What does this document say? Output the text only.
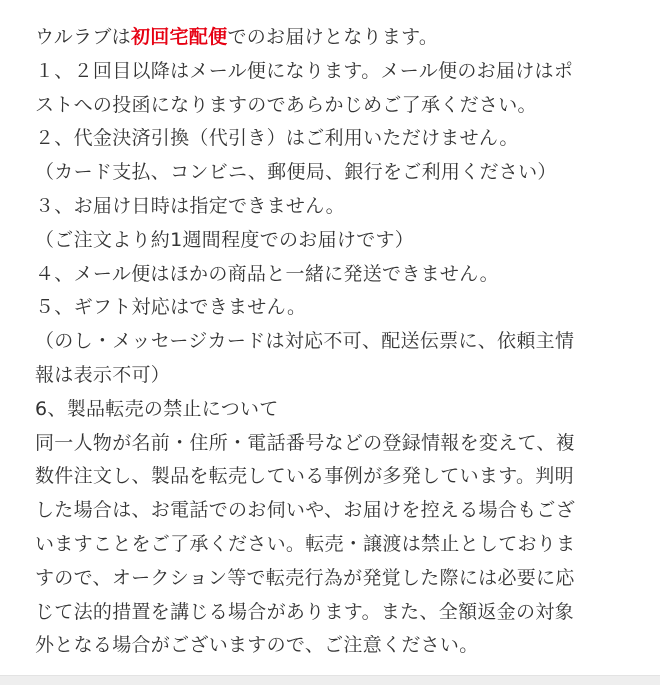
ウルラブは初回宅配便でのお届けとなります。
１、２回目以降はメール便になります。メール便のお届けはポ
ストへの投函になりますのであらかじめご了承ください。
２、代金決済引換（代引き）はご利用いただけません。
（カード支払、コンビニ、郵便局、銀行をご利用ください）
３、お届け日時は指定できません。
（ご注文より約1週間程度でのお届けです）
４、メール便はほかの商品と一緒に発送できません。
５、ギフト対応はできません。
（のし・メッセージカードは対応不可、配送伝票に、依頼主情
報は表示不可）
6、製品転売の禁止について
同一人物が名前・住所・電話番号などの登録情報を変えて、複
数件注文し、製品を転売している事例が多発しています。判明
した場合は、お電話でのお伺いや、お届けを控える場合もござ
いますことをご了承ください。転売・譲渡は禁止としておりま
すので、オークション等で転売行為が発覚した際には必要に応
じて法的措置を講じる場合があります。また、全額返金の対象
外となる場合がございますので、ご注意ください。
